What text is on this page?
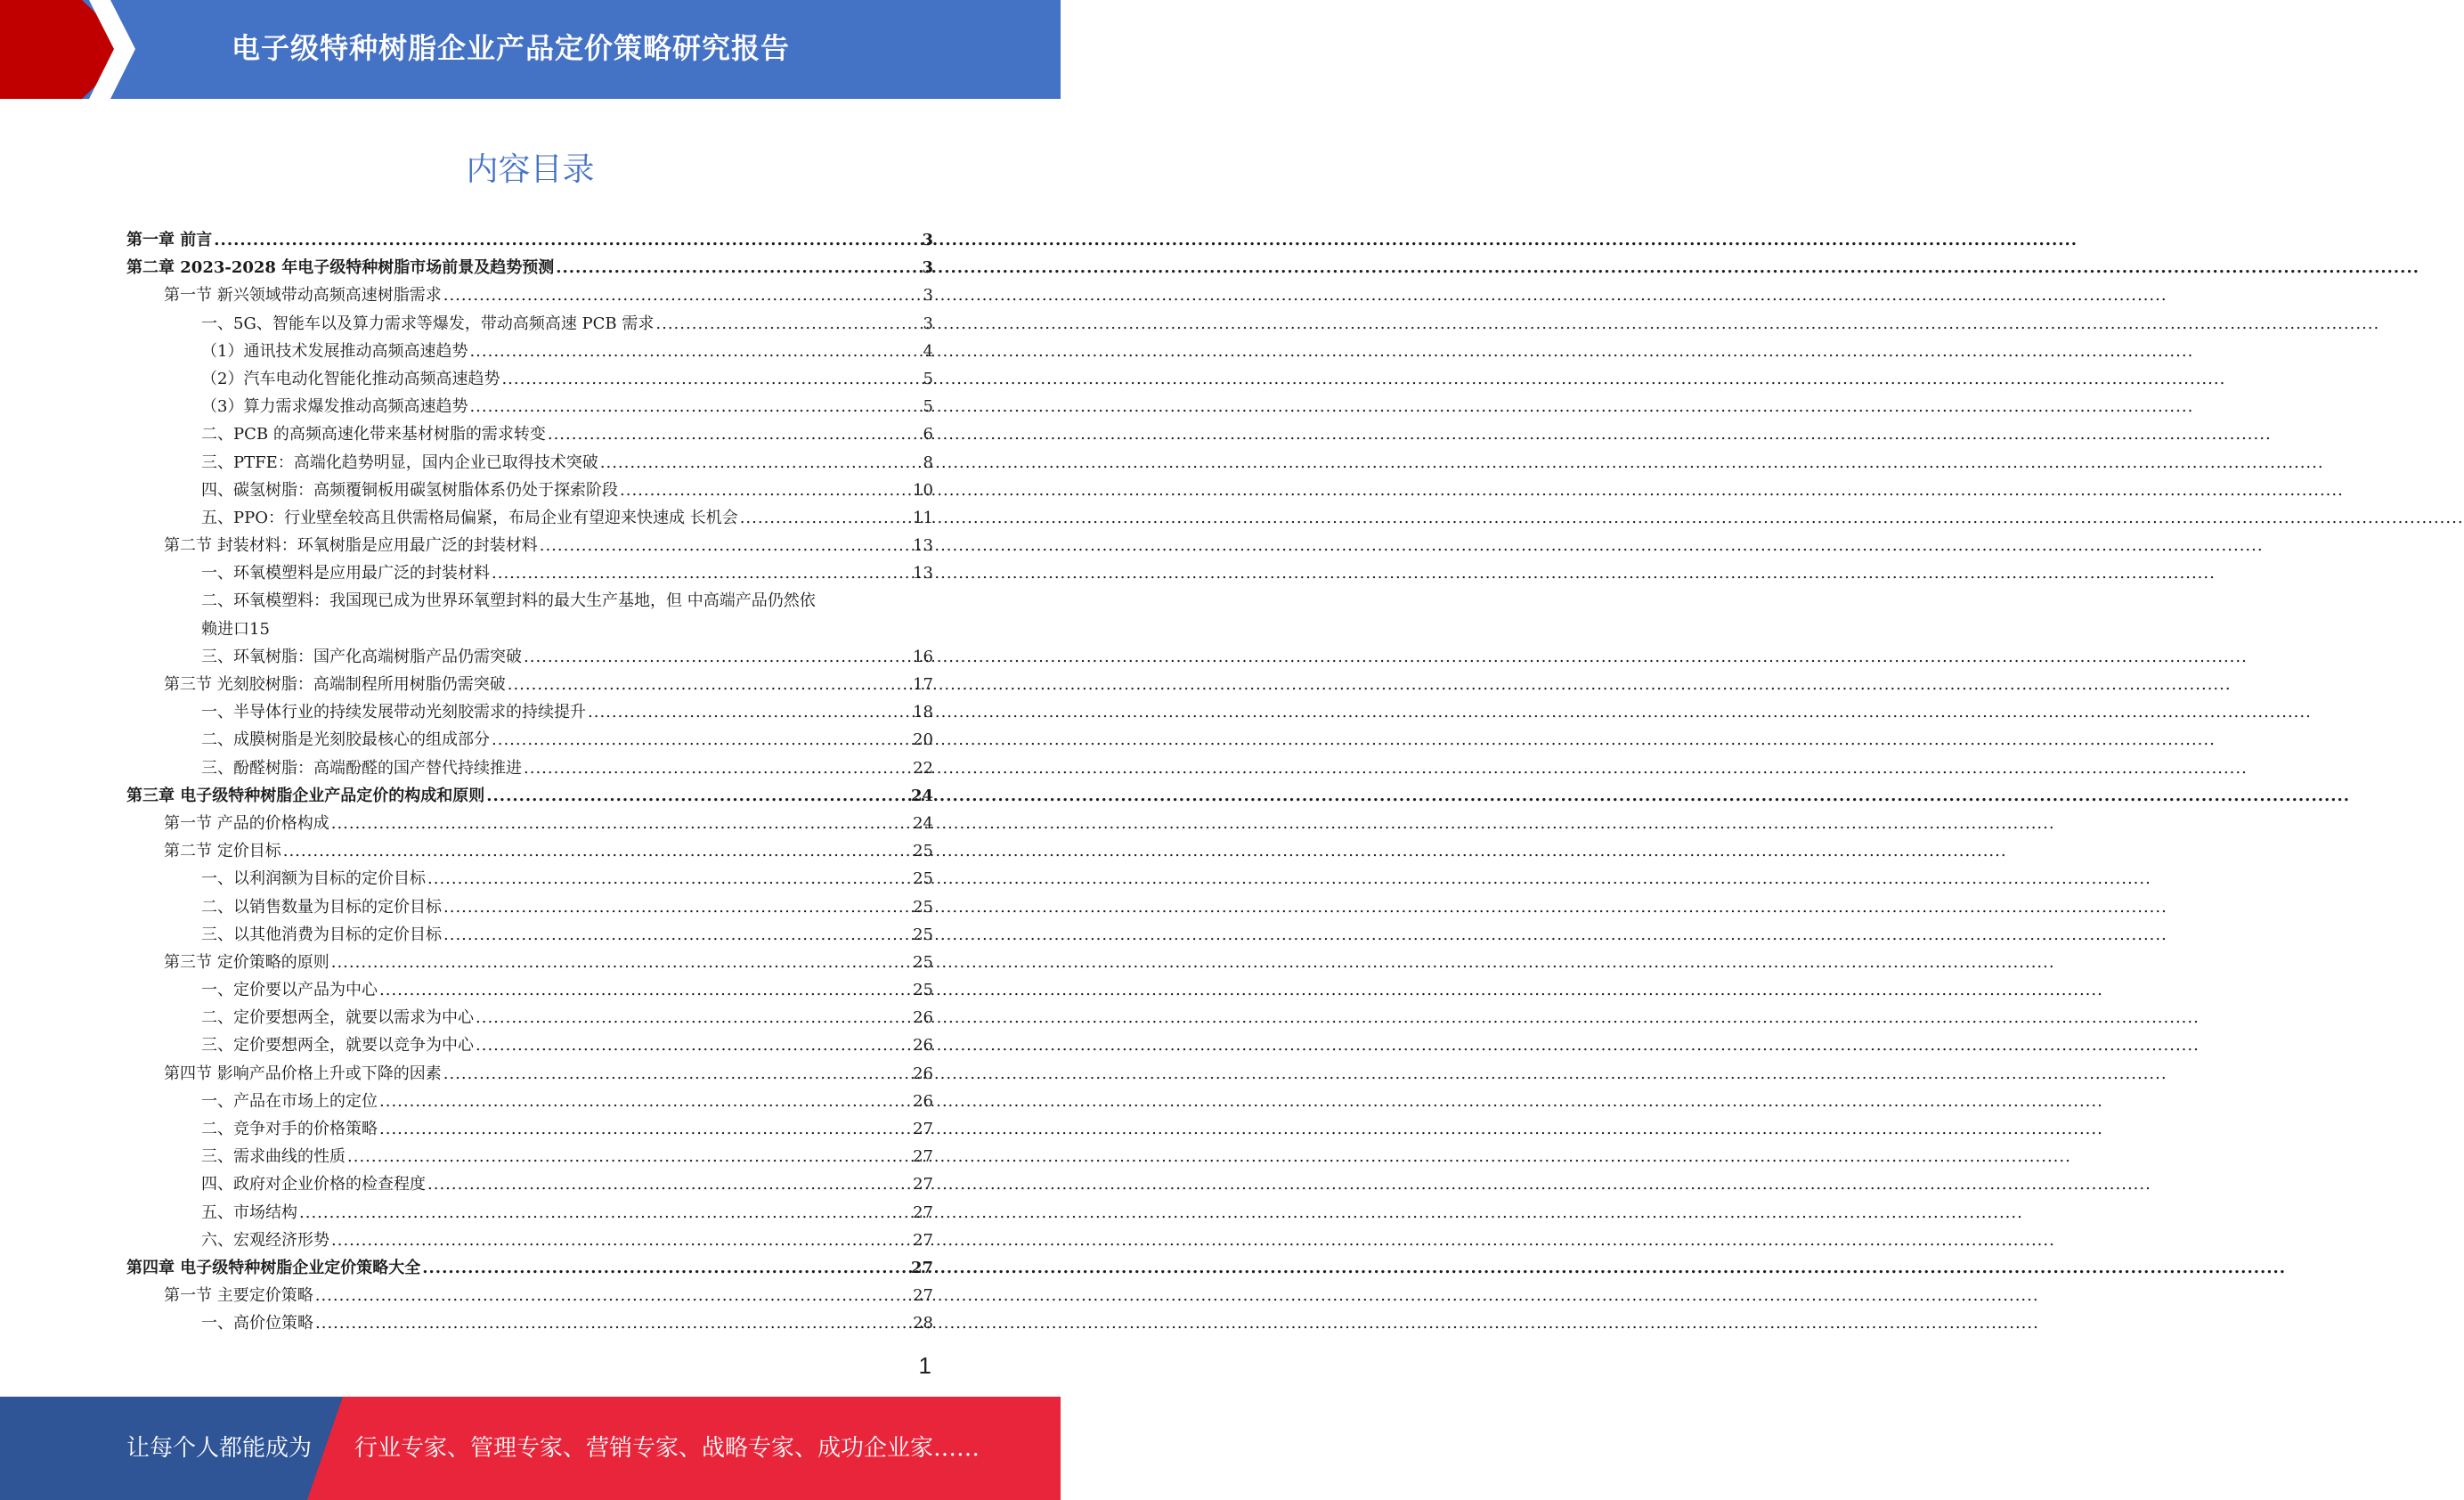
电子级特种树脂企业产品定价策略研究报告
内容目录
第一章 前言 .....	3
第二章 2023-2028 年电子级特种树脂市场前景及趋势预测 .....	3
第一节 新兴领域带动高频高速树脂需求 .....	3
一、5G、智能车以及算力需求等爆发，带动高频高速 PCB 需求 .....	3
（1）通讯技术发展推动高频高速趋势 .....	4
（2）汽车电动化智能化推动高频高速趋势 .....	5
（3）算力需求爆发推动高频高速趋势 .....	5
二、PCB 的高频高速化带来基材树脂的需求转变 .....	6
三、PTFE：高端化趋势明显，国内企业已取得技术突破 .....	8
四、碳氢树脂：高频覆铜板用碳氢树脂体系仍处于探索阶段 .....	10
五、PPO：行业壁垒较高且供需格局偏紧，布局企业有望迎来快速成 长机会 .....	11
第二节 封装材料：环氧树脂是应用最广泛的封装材料 .....	13
一、环氧模塑料是应用最广泛的封装材料 .....	13
二、环氧模塑料：我国现已成为世界环氧塑封料的最大生产基地，但 中高端产品仍然依
赖进口 15
三、环氧树脂：国产化高端树脂产品仍需突破 .....	16
第三节 光刻胶树脂：高端制程所用树脂仍需突破 .....	17
一、半导体行业的持续发展带动光刻胶需求的持续提升 .....	18
二、成膜树脂是光刻胶最核心的组成部分 .....	20
三、酚醛树脂：高端酚醛的国产替代持续推进 .....	22
第三章 电子级特种树脂企业产品定价的构成和原则 .....	24
第一节 产品的价格构成 .....	24
第二节 定价目标 .....	25
一、以利润额为目标的定价目标 .....	25
二、以销售数量为目标的定价目标 .....	25
三、以其他消费为目标的定价目标 .....	25
第三节 定价策略的原则 .....	25
一、定价要以产品为中心 .....	25
二、定价要想两全，就要以需求为中心 .....	26
三、定价要想两全，就要以竞争为中心 .....	26
第四节 影响产品价格上升或下降的因素 .....	26
一、产品在市场上的定位 .....	26
二、竞争对手的价格策略 .....	27
三、需求曲线的性质 .....	27
四、政府对企业价格的检查程度 .....	27
五、市场结构 .....	27
六、宏观经济形势 .....	27
第四章 电子级特种树脂企业定价策略大全 .....	27
第一节 主要定价策略 .....	27
一、高价位策略 .....	28
1
让每个人都能成为 行业专家、管理专家、营销专家、战略专家、成功企业家……
